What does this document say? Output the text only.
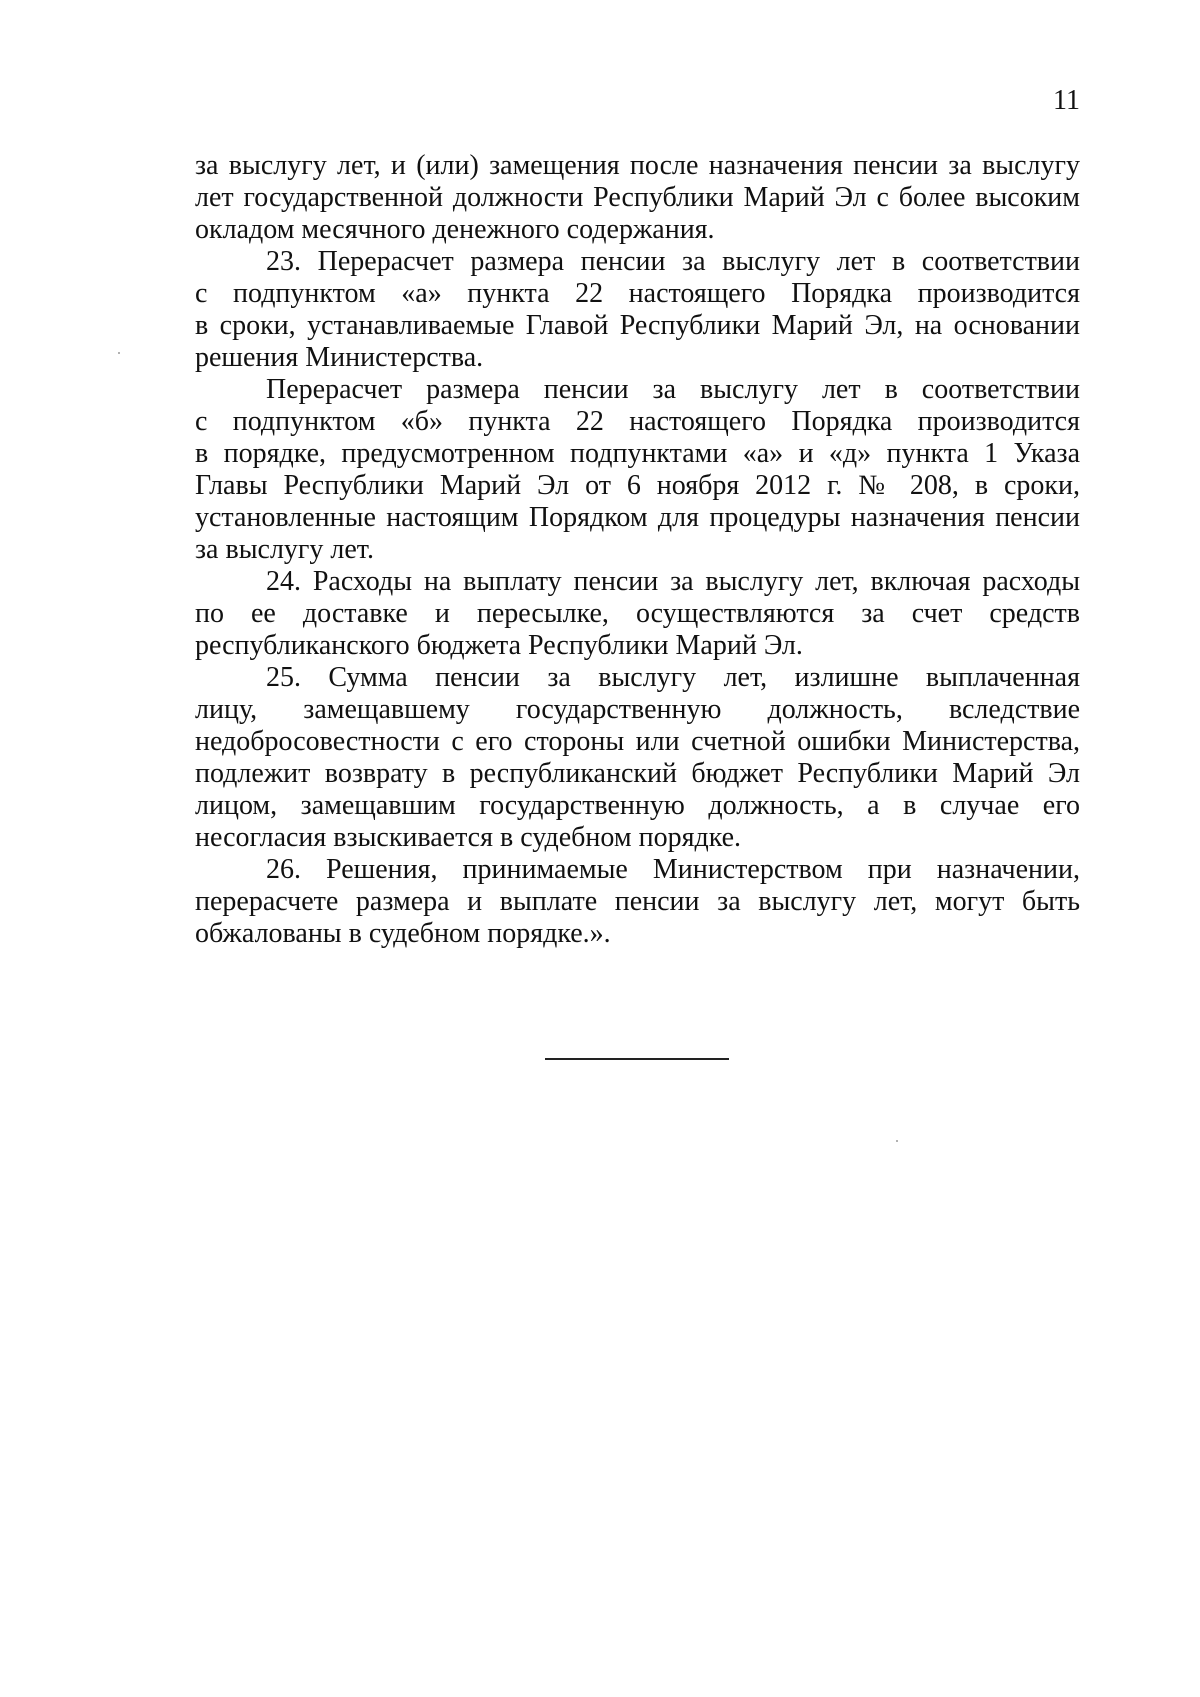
11
за выслугу лет, и (или) замещения после назначения пенсии за выслугу
лет государственной должности Республики Марий Эл с более высоким
окладом месячного денежного содержания.
23. Перерасчет размера пенсии за выслугу лет в соответствии
с подпунктом «а» пункта 22 настоящего Порядка производится
в сроки, устанавливаемые Главой Республики Марий Эл, на основании
решения Министерства.
Перерасчет размера пенсии за выслугу лет в соответствии
с подпунктом «б» пункта 22 настоящего Порядка производится
в порядке, предусмотренном подпунктами «а» и «д» пункта 1 Указа
Главы Республики Марий Эл от 6 ноября 2012 г. № 208, в сроки,
установленные настоящим Порядком для процедуры назначения пенсии
за выслугу лет.
24. Расходы на выплату пенсии за выслугу лет, включая расходы
по ее доставке и пересылке, осуществляются за счет средств
республиканского бюджета Республики Марий Эл.
25. Сумма пенсии за выслугу лет, излишне выплаченная
лицу, замещавшему государственную должность, вследствие
недобросовестности с его стороны или счетной ошибки Министерства,
подлежит возврату в республиканский бюджет Республики Марий Эл
лицом, замещавшим государственную должность, а в случае его
несогласия взыскивается в судебном порядке.
26. Решения, принимаемые Министерством при назначении,
перерасчете размера и выплате пенсии за выслугу лет, могут быть
обжалованы в судебном порядке.».
